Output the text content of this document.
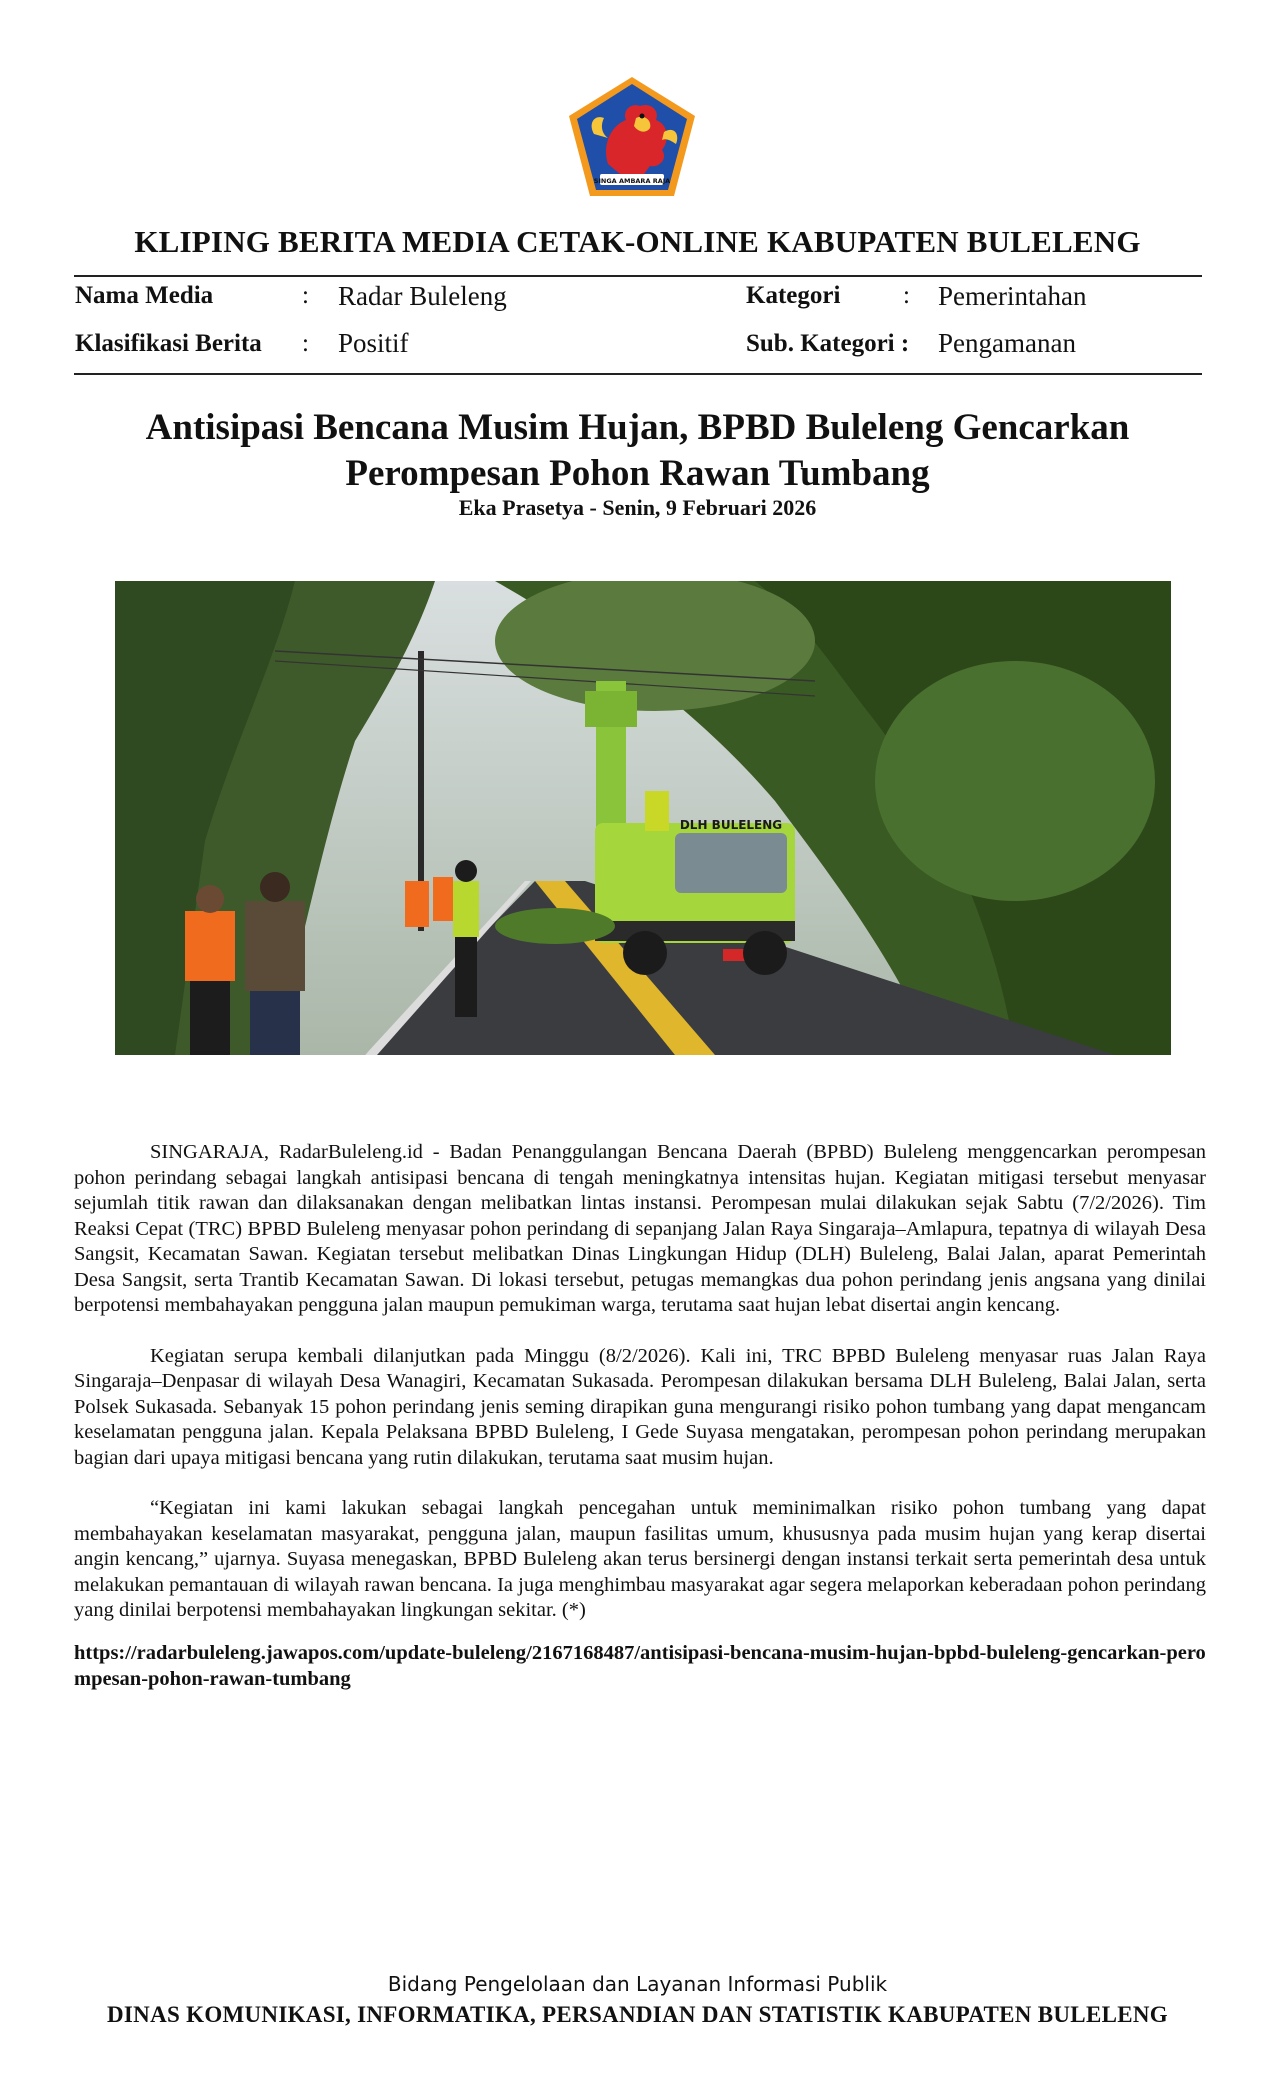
SINGA AMBARA RAJA
KLIPING BERITA MEDIA CETAK-ONLINE KABUPATEN BULELENG
Nama Media	: Radar Buleleng	Kategori	: Pemerintahan
Klasifikasi Berita : Positif	Sub. Kategori : Pengamanan
Antisipasi Bencana Musim Hujan, BPBD Buleleng Gencarkan Perompesan Pohon Rawan Tumbang
Eka Prasetya - Senin, 9 Februari 2026
DLH BULELENG

SINGARAJA, RadarBuleleng.id - Badan Penanggulangan Bencana Daerah (BPBD) Buleleng menggencarkan perompesan pohon perindang sebagai langkah antisipasi bencana di tengah meningkatnya intensitas hujan. Kegiatan mitigasi tersebut menyasar sejumlah titik rawan dan dilaksanakan dengan melibatkan lintas instansi. Perompesan mulai dilakukan sejak Sabtu (7/2/2026). Tim Reaksi Cepat (TRC) BPBD Buleleng menyasar pohon perindang di sepanjang Jalan Raya Singaraja–Amlapura, tepatnya di wilayah Desa Sangsit, Kecamatan Sawan. Kegiatan tersebut melibatkan Dinas Lingkungan Hidup (DLH) Buleleng, Balai Jalan, aparat Pemerintah Desa Sangsit, serta Trantib Kecamatan Sawan. Di lokasi tersebut, petugas memangkas dua pohon perindang jenis angsana yang dinilai berpotensi membahayakan pengguna jalan maupun pemukiman warga, terutama saat hujan lebat disertai angin kencang.

Kegiatan serupa kembali dilanjutkan pada Minggu (8/2/2026). Kali ini, TRC BPBD Buleleng menyasar ruas Jalan Raya Singaraja–Denpasar di wilayah Desa Wanagiri, Kecamatan Sukasada. Perompesan dilakukan bersama DLH Buleleng, Balai Jalan, serta Polsek Sukasada. Sebanyak 15 pohon perindang jenis seming dirapikan guna mengurangi risiko pohon tumbang yang dapat mengancam keselamatan pengguna jalan. Kepala Pelaksana BPBD Buleleng, I Gede Suyasa mengatakan, perompesan pohon perindang merupakan bagian dari upaya mitigasi bencana yang rutin dilakukan, terutama saat musim hujan.

“Kegiatan ini kami lakukan sebagai langkah pencegahan untuk meminimalkan risiko pohon tumbang yang dapat membahayakan keselamatan masyarakat, pengguna jalan, maupun fasilitas umum, khususnya pada musim hujan yang kerap disertai angin kencang,” ujarnya. Suyasa menegaskan, BPBD Buleleng akan terus bersinergi dengan instansi terkait serta pemerintah desa untuk melakukan pemantauan di wilayah rawan bencana. Ia juga menghimbau masyarakat agar segera melaporkan keberadaan pohon perindang yang dinilai berpotensi membahayakan lingkungan sekitar. (*)

https://radarbuleleng.jawapos.com/update-buleleng/2167168487/antisipasi-bencana-musim-hujan-bpbd-buleleng-gencarkan-perompesan-pohon-rawan-tumbang
Bidang Pengelolaan dan Layanan Informasi Publik
DINAS KOMUNIKASI, INFORMATIKA, PERSANDIAN DAN STATISTIK KABUPATEN BULELENG
